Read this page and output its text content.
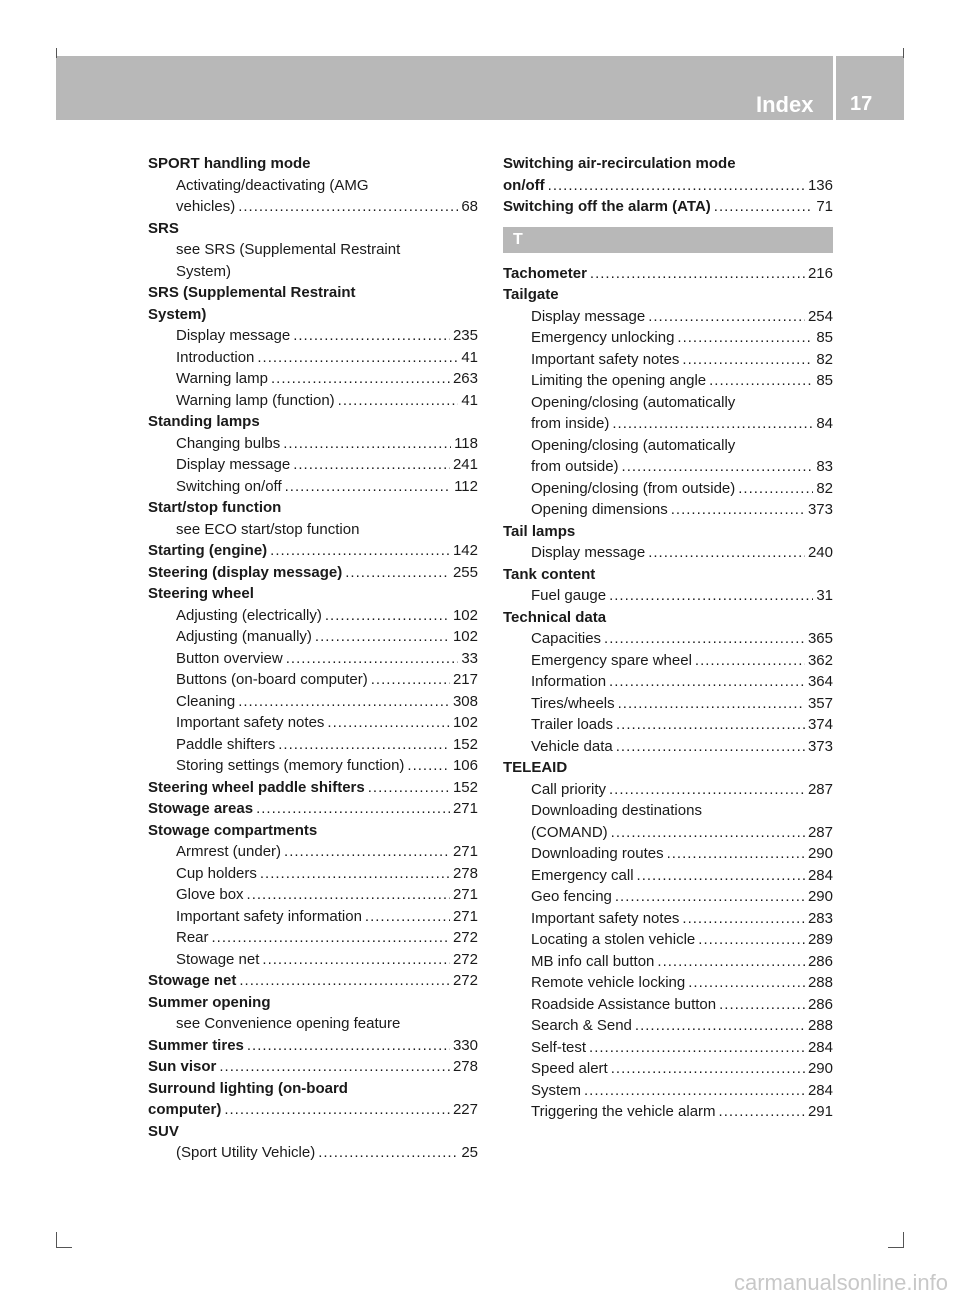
Index 17
SPORT handling mode
Activating/deactivating (AMG
vehicles) .....	68
SRS
see SRS (Supplemental Restraint
System)
SRS (Supplemental Restraint
System)
Display message .....	235
Introduction .....	41
Warning lamp .....	263
Warning lamp (function) .....	41
Standing lamps
Changing bulbs .....	118
Display message .....	241
Switching on/off .....	112
Start/stop function
see ECO start/stop function
Starting (engine) .....	142
Steering (display message) .....	255
Steering wheel
Adjusting (electrically) .....	102
Adjusting (manually) .....	102
Button overview .....	33
Buttons (on-board computer) .....	217
Cleaning .....	308
Important safety notes .....	102
Paddle shifters .....	152
Storing settings (memory function) .....	106
Steering wheel paddle shifters .....	152
Stowage areas .....	271
Stowage compartments
Armrest (under) .....	271
Cup holders .....	278
Glove box .....	271
Important safety information .....	271
Rear .....	272
Stowage net .....	272
Stowage net .....	272
Summer opening
see Convenience opening feature
Summer tires .....	330
Sun visor .....	278
Surround lighting (on-board
computer) .....	227
SUV
(Sport Utility Vehicle) .....	25
Switching air-recirculation mode
on/off .....	136
Switching off the alarm (ATA) .....	71
T
Tachometer .....	216
Tailgate
Display message .....	254
Emergency unlocking .....	85
Important safety notes .....	82
Limiting the opening angle .....	85
Opening/closing (automatically
from inside) .....	84
Opening/closing (automatically
from outside) .....	83
Opening/closing (from outside) .....	82
Opening dimensions .....	373
Tail lamps
Display message .....	240
Tank content
Fuel gauge .....	31
Technical data
Capacities .....	365
Emergency spare wheel .....	362
Information .....	364
Tires/wheels .....	357
Trailer loads .....	374
Vehicle data .....	373
TELEAID
Call priority .....	287
Downloading destinations
(COMAND) .....	287
Downloading routes .....	290
Emergency call .....	284
Geo fencing .....	290
Important safety notes .....	283
Locating a stolen vehicle .....	289
MB info call button .....	286
Remote vehicle locking .....	288
Roadside Assistance button .....	286
Search & Send .....	288
Self-test .....	284
Speed alert .....	290
System .....	284
Triggering the vehicle alarm .....	291
carmanualsonline.info
